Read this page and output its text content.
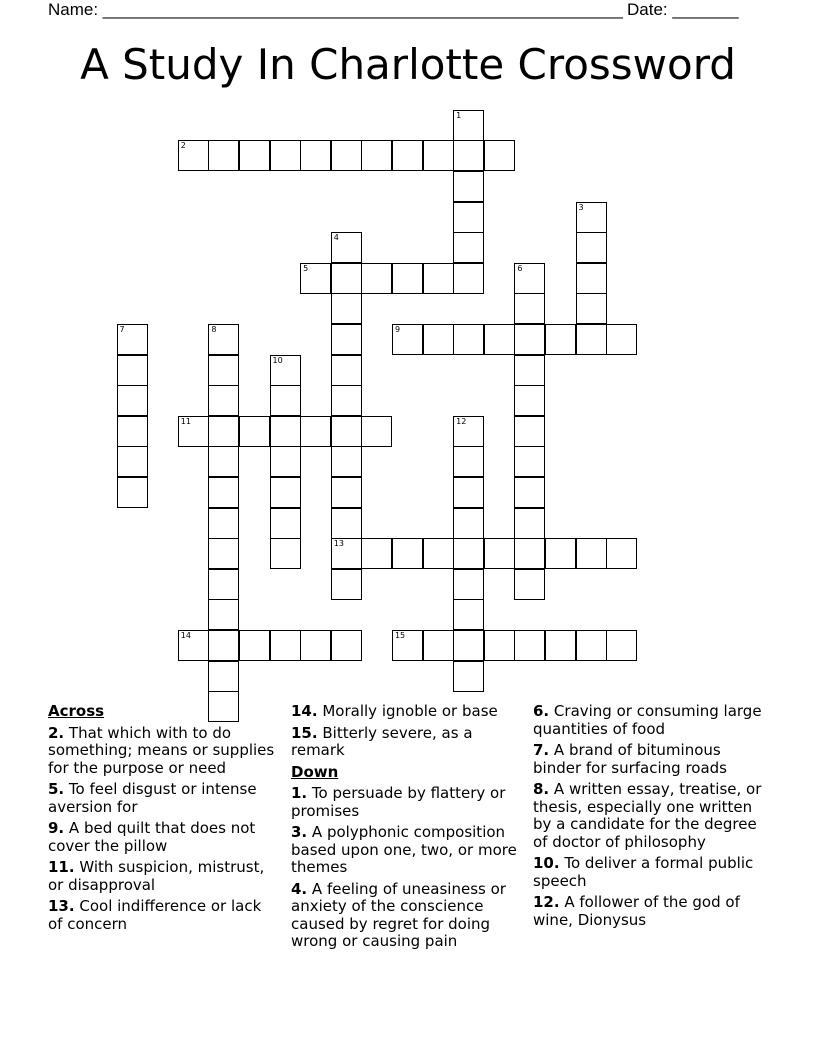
Name: _______________________________________________________ Date: _______
A Study In Charlotte Crossword
1
2
3
4
13
5	6
7	8	9
10
11	12
14	15
Across
2. That which with to do something; means or supplies for the purpose or need
5. To feel disgust or intense aversion for
9. A bed quilt that does not cover the pillow
11. With suspicion, mistrust, or disapproval
13. Cool indifference or lack of concern
14. Morally ignoble or base
15. Bitterly severe, as a remark
Down
1. To persuade by flattery or promises
3. A polyphonic composition based upon one, two, or more themes
4. A feeling of uneasiness or anxiety of the conscience caused by regret for doing wrong or causing pain
6. Craving or consuming large quantities of food
7. A brand of bituminous binder for surfacing roads
8. A written essay, treatise, or thesis, especially one written by a candidate for the degree of doctor of philosophy
10. To deliver a formal public speech
12. A follower of the god of wine, Dionysus
